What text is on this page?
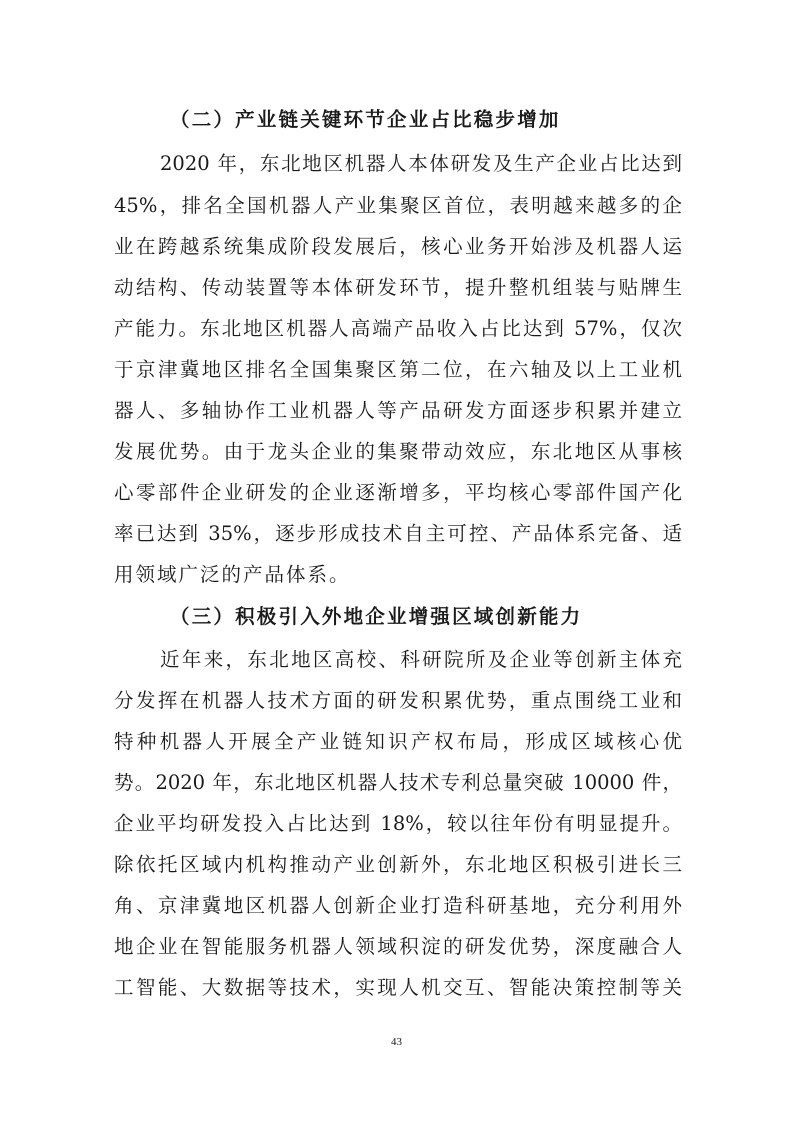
（二）产业链关键环节企业占比稳步增加
2020 年，东北地区机器人本体研发及生产企业占比达到
45%，排名全国机器人产业集聚区首位，表明越来越多的企
业在跨越系统集成阶段发展后，核心业务开始涉及机器人运
动结构、传动装置等本体研发环节，提升整机组装与贴牌生
产能力。东北地区机器人高端产品收入占比达到 57%，仅次
于京津冀地区排名全国集聚区第二位，在六轴及以上工业机
器人、多轴协作工业机器人等产品研发方面逐步积累并建立
发展优势。由于龙头企业的集聚带动效应，东北地区从事核
心零部件企业研发的企业逐渐增多，平均核心零部件国产化
率已达到 35%，逐步形成技术自主可控、产品体系完备、适
用领域广泛的产品体系。
（三）积极引入外地企业增强区域创新能力
近年来，东北地区高校、科研院所及企业等创新主体充
分发挥在机器人技术方面的研发积累优势，重点围绕工业和
特种机器人开展全产业链知识产权布局，形成区域核心优
势。2020 年，东北地区机器人技术专利总量突破 10000 件，
企业平均研发投入占比达到 18%，较以往年份有明显提升。
除依托区域内机构推动产业创新外，东北地区积极引进长三
角、京津冀地区机器人创新企业打造科研基地，充分利用外
地企业在智能服务机器人领域积淀的研发优势，深度融合人
工智能、大数据等技术，实现人机交互、智能决策控制等关
43
